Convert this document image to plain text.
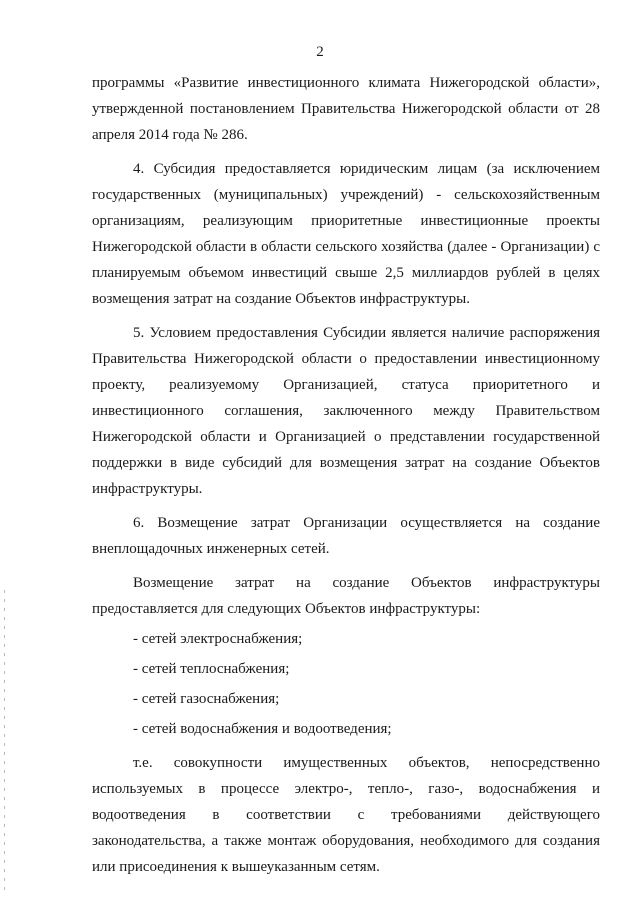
2

программы «Развитие инвестиционного климата Нижегородской области», утвержденной постановлением Правительства Нижегородской области от 28 апреля 2014 года № 286.

4. Субсидия предоставляется юридическим лицам (за исключением государственных (муниципальных) учреждений) - сельскохозяйственным организациям, реализующим приоритетные инвестиционные проекты Нижегородской области в области сельского хозяйства (далее - Организации) с планируемым объемом инвестиций свыше 2,5 миллиардов рублей в целях возмещения затрат на создание Объектов инфраструктуры.

5. Условием предоставления Субсидии является наличие распоряжения Правительства Нижегородской области о предоставлении инвестиционному проекту, реализуемому Организацией, статуса приоритетного и инвестиционного соглашения, заключенного между Правительством Нижегородской области и Организацией о представлении государственной поддержки в виде субсидий для возмещения затрат на создание Объектов инфраструктуры.

6. Возмещение затрат Организации осуществляется на создание внеплощадочных инженерных сетей.

Возмещение затрат на создание Объектов инфраструктуры предоставляется для следующих Объектов инфраструктуры:

- сетей электроснабжения;

- сетей теплоснабжения;

- сетей газоснабжения;

- сетей водоснабжения и водоотведения;

т.е. совокупности имущественных объектов, непосредственно используемых в процессе электро-, тепло-, газо-, водоснабжения и водоотведения в соответствии с требованиями действующего законодательства, а также монтаж оборудования, необходимого для создания или присоединения к вышеуказанным сетям.
